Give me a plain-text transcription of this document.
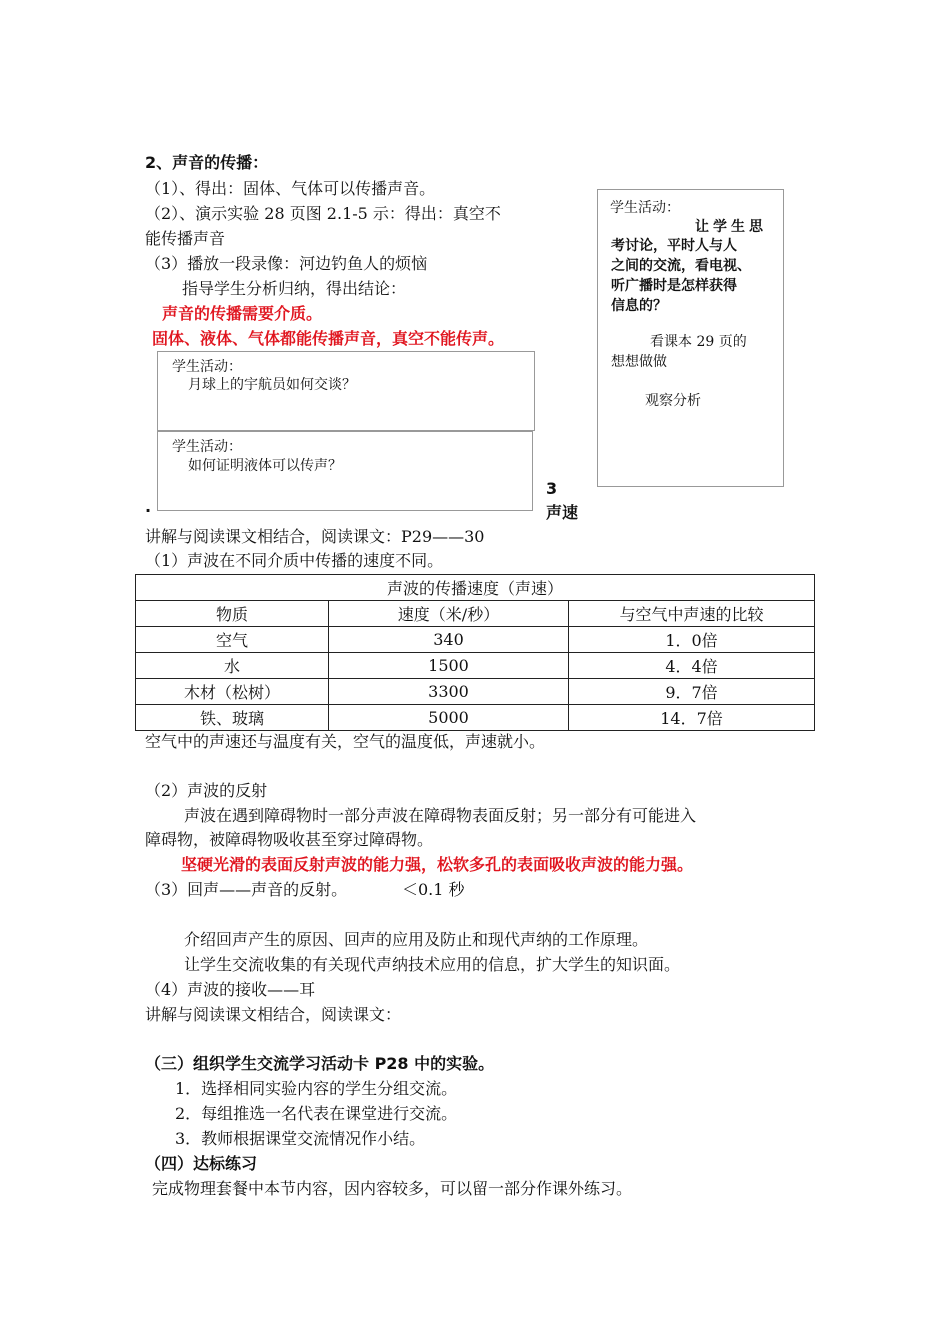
2、声音的传播：
（1）、得出：固体、气体可以传播声音。
（2）、演示实验 28 页图 2.1-5 示：得出：真空不
能传播声音
（3）播放一段录像：河边钓鱼人的烦恼
指导学生分析归纳，得出结论：
声音的传播需要介质。
固体、液体、气体都能传播声音，真空不能传声。
学生活动：
月球上的宇航员如何交谈？
学生活动：
如何证明液体可以传声？
学生活动：
让学生思
考讨论，平时人与人
之间的交流，看电视、
听广播时是怎样获得
信息的？
看课本 29 页的
想想做做
观察分析
3
.	声速
讲解与阅读课文相结合，阅读课文：P29——30
（1）声波在不同介质中传播的速度不同。
声波的传播速度（声速）		
物质	速度（米/秒）	与空气中声速的比较
空气	340	1．0倍
水	1500	4．4倍
木材（松树）	3300	9．7倍
铁、玻璃	5000	14．7倍
空气中的声速还与温度有关，空气的温度低，声速就小。
（2）声波的反射
声波在遇到障碍物时一部分声波在障碍物表面反射；另一部分有可能进入
障碍物，被障碍物吸收甚至穿过障碍物。
坚硬光滑的表面反射声波的能力强，松软多孔的表面吸收声波的能力强。
（3）回声——声音的反射。	＜0.1 秒
介绍回声产生的原因、回声的应用及防止和现代声纳的工作原理。
让学生交流收集的有关现代声纳技术应用的信息，扩大学生的知识面。
（4）声波的接收——耳
讲解与阅读课文相结合，阅读课文：
（三）组织学生交流学习活动卡 P28 中的实验。
1．选择相同实验内容的学生分组交流。
2．每组推选一名代表在课堂进行交流。
3．教师根据课堂交流情况作小结。
（四）达标练习
完成物理套餐中本节内容，因内容较多，可以留一部分作课外练习。
